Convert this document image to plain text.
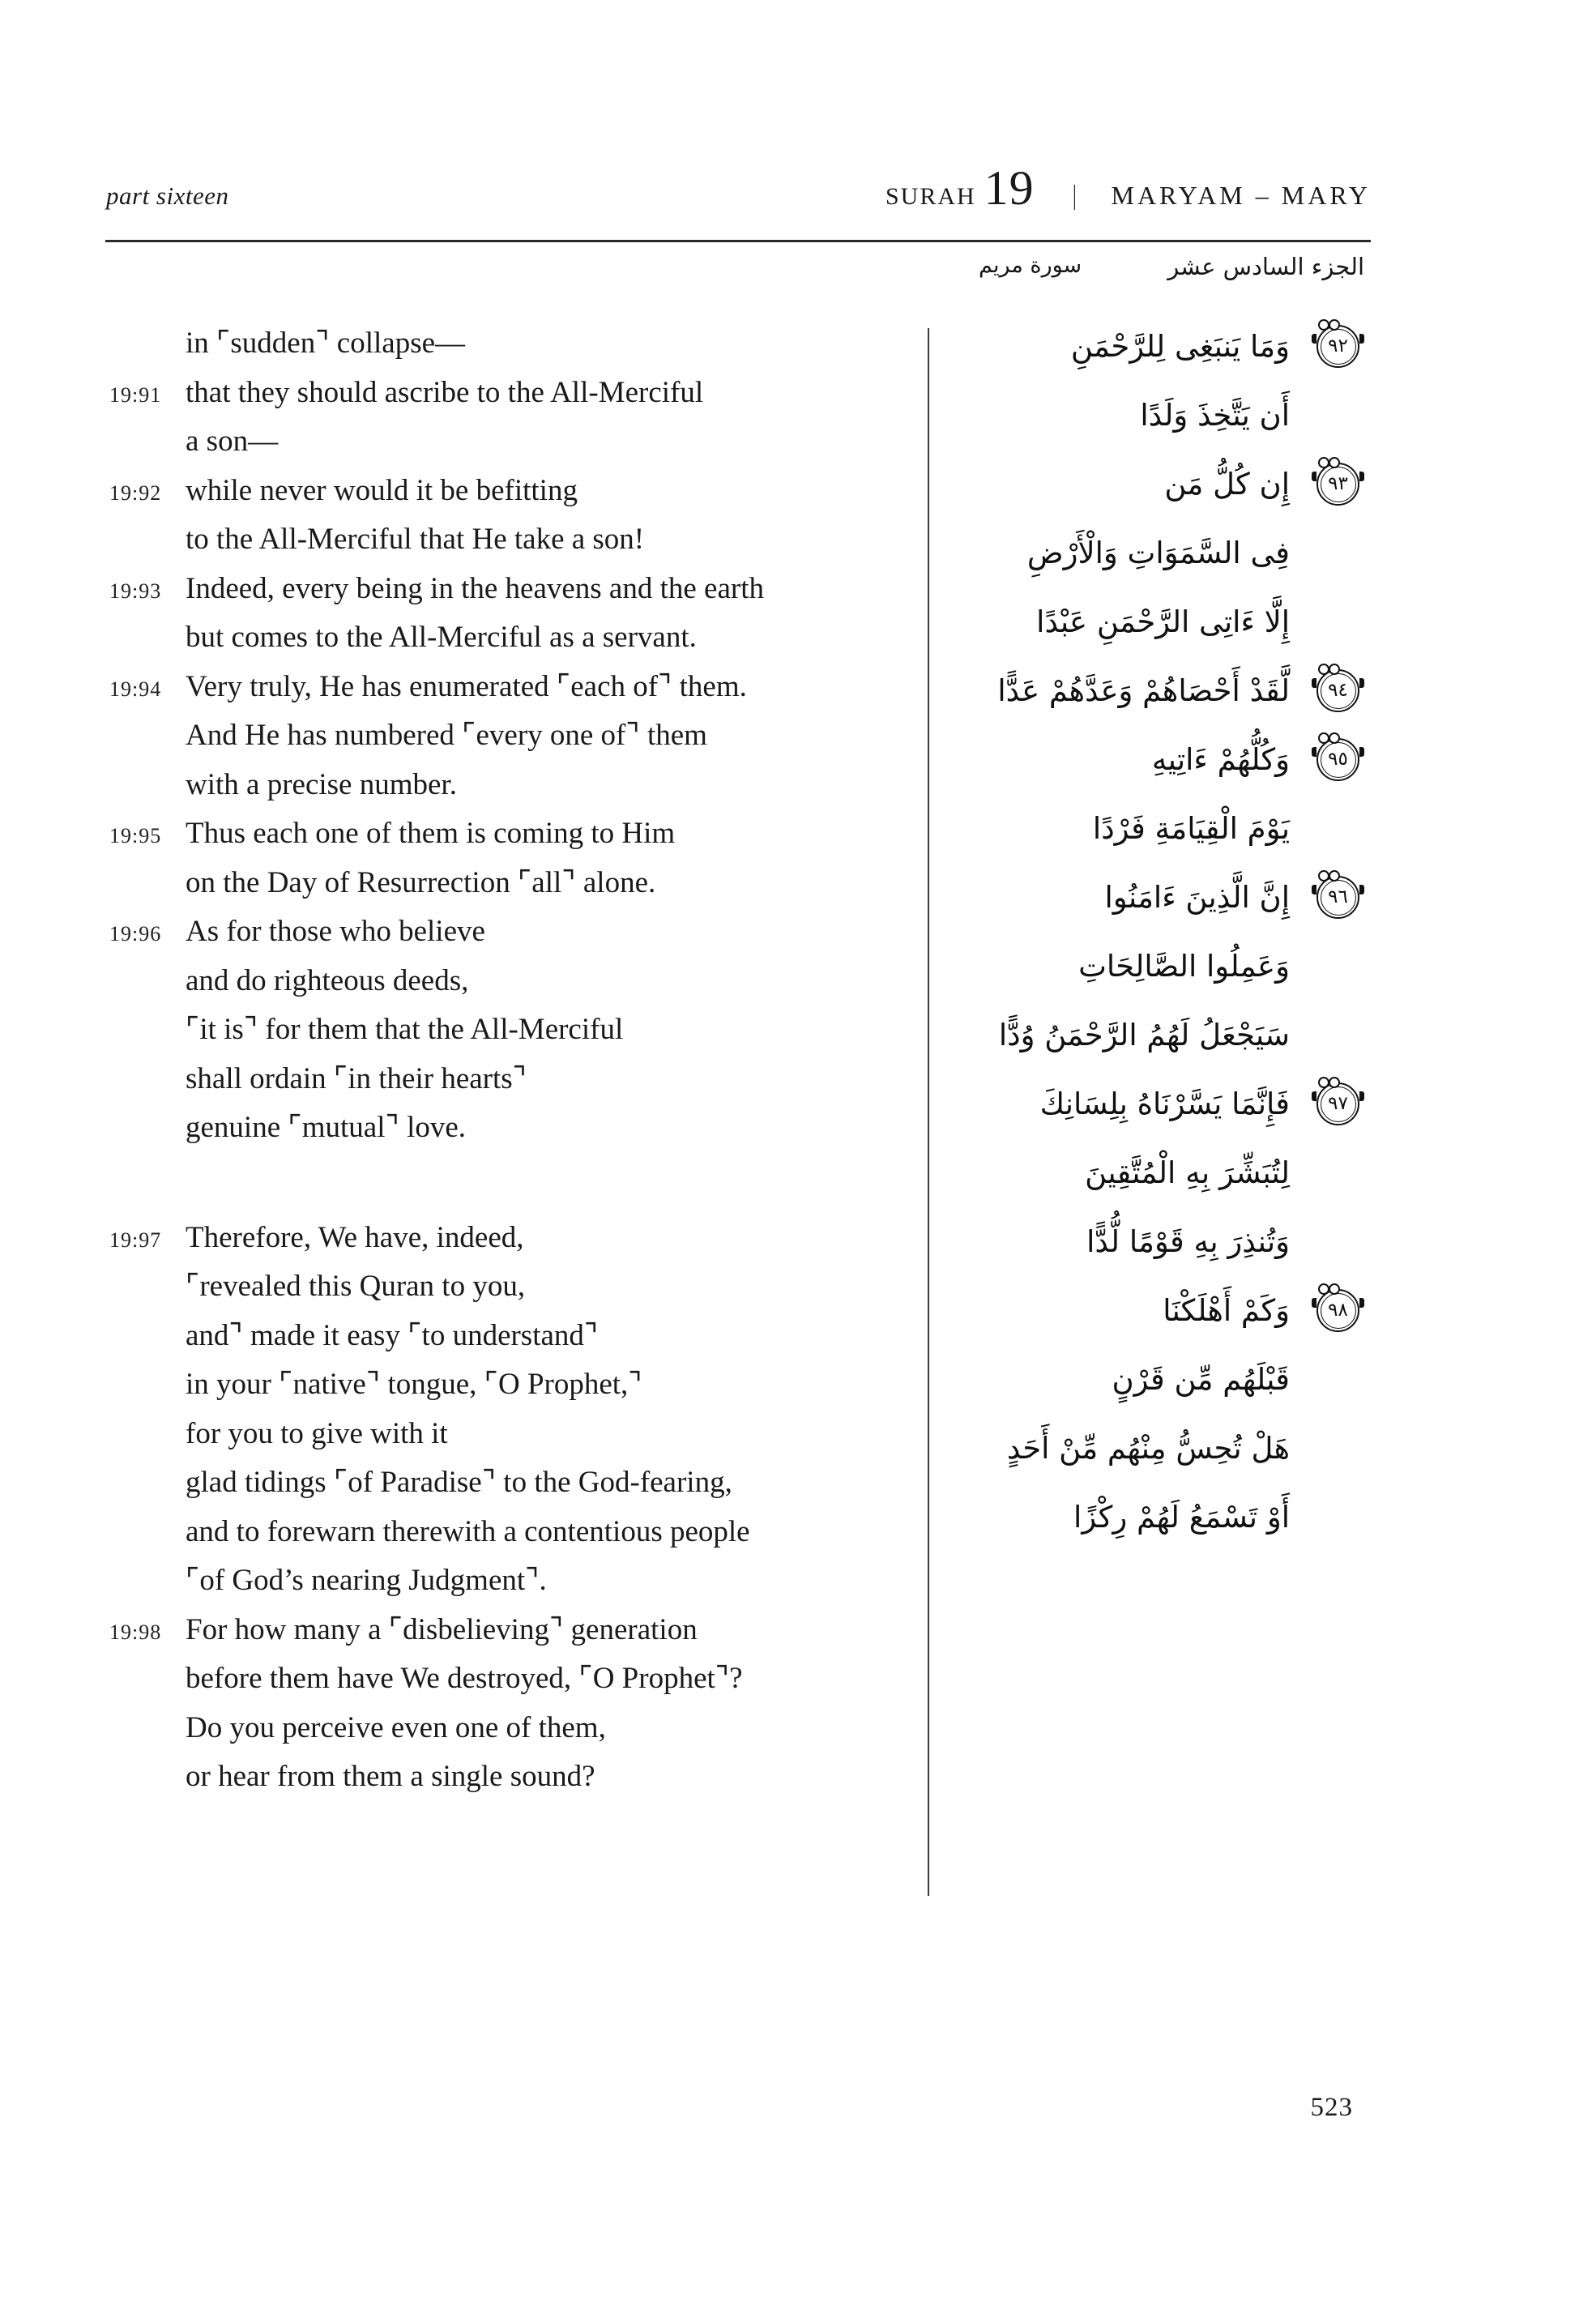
part sixteen	SURAH 19 | MARYAM – MARY
سورة مريم	الجزء السادس عشر
in ⌜sudden⌝ collapse—
19:91 that they should ascribe to the All-Merciful
a son—
19:92 while never would it be befitting
to the All-Merciful that He take a son!
19:93 Indeed, every being in the heavens and the earth
but comes to the All-Merciful as a servant.
19:94 Very truly, He has enumerated ⌜each of⌝ them.
And He has numbered ⌜every one of⌝ them
with a precise number.
19:95 Thus each one of them is coming to Him
on the Day of Resurrection ⌜all⌝ alone.
19:96 As for those who believe
and do righteous deeds,
⌜it is⌝ for them that the All-Merciful
shall ordain ⌜in their hearts⌝
genuine ⌜mutual⌝ love.
19:97 Therefore, We have, indeed,
⌜revealed this Quran to you,
and⌝ made it easy ⌜to understand⌝
in your ⌜native⌝ tongue, ⌜O Prophet,⌝
for you to give with it
glad tidings ⌜of Paradise⌝ to the God-fearing,
and to forewarn therewith a contentious people
⌜of God’s nearing Judgment⌝.
19:98 For how many a ⌜disbelieving⌝ generation
before them have We destroyed, ⌜O Prophet⌝?
Do you perceive even one of them,
or hear from them a single sound?
٩٢
وَمَا يَنبَغِى لِلرَّحْمَنِ
أَن يَتَّخِذَ وَلَدًا
٩٣
إِن كُلُّ مَن
فِى السَّمَوَاتِ وَالْأَرْضِ
إِلَّا ءَاتِى الرَّحْمَنِ عَبْدًا
٩٤
لَّقَدْ أَحْصَاهُمْ وَعَدَّهُمْ عَدًّا
٩٥
وَكُلُّهُمْ ءَاتِيهِ
يَوْمَ الْقِيَامَةِ فَرْدًا
٩٦
إِنَّ الَّذِينَ ءَامَنُوا
وَعَمِلُوا الصَّالِحَاتِ
سَيَجْعَلُ لَهُمُ الرَّحْمَنُ وُدًّا
٩٧
فَإِنَّمَا يَسَّرْنَاهُ بِلِسَانِكَ
لِتُبَشِّرَ بِهِ الْمُتَّقِينَ
وَتُنذِرَ بِهِ قَوْمًا لُّدًّا
٩٨
وَكَمْ أَهْلَكْنَا
قَبْلَهُم مِّن قَرْنٍ
هَلْ تُحِسُّ مِنْهُم مِّنْ أَحَدٍ
أَوْ تَسْمَعُ لَهُمْ رِكْزًا
523
